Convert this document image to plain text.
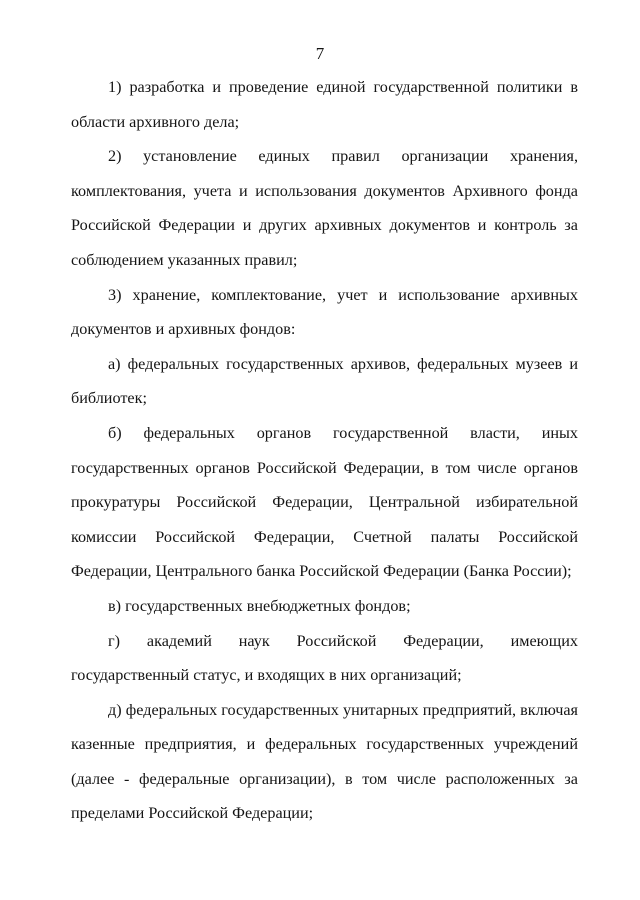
7

1) разработка и проведение единой государственной политики в области архивного дела;

2) установление единых правил организации хранения, комплектования, учета и использования документов Архивного фонда Российской Федерации и других архивных документов и контроль за соблюдением указанных правил;

3) хранение, комплектование, учет и использование архивных документов и архивных фондов:

а) федеральных государственных архивов, федеральных музеев и библиотек;

б) федеральных органов государственной власти, иных государственных органов Российской Федерации, в том числе органов прокуратуры Российской Федерации, Центральной избирательной комиссии Российской Федерации, Счетной палаты Российской Федерации, Центрального банка Российской Федерации (Банка России);

в) государственных внебюджетных фондов;

г) академий наук Российской Федерации, имеющих государственный статус, и входящих в них организаций;

д) федеральных государственных унитарных предприятий, включая казенные предприятия, и федеральных государственных учреждений (далее - федеральные организации), в том числе расположенных за пределами Российской Федерации;
